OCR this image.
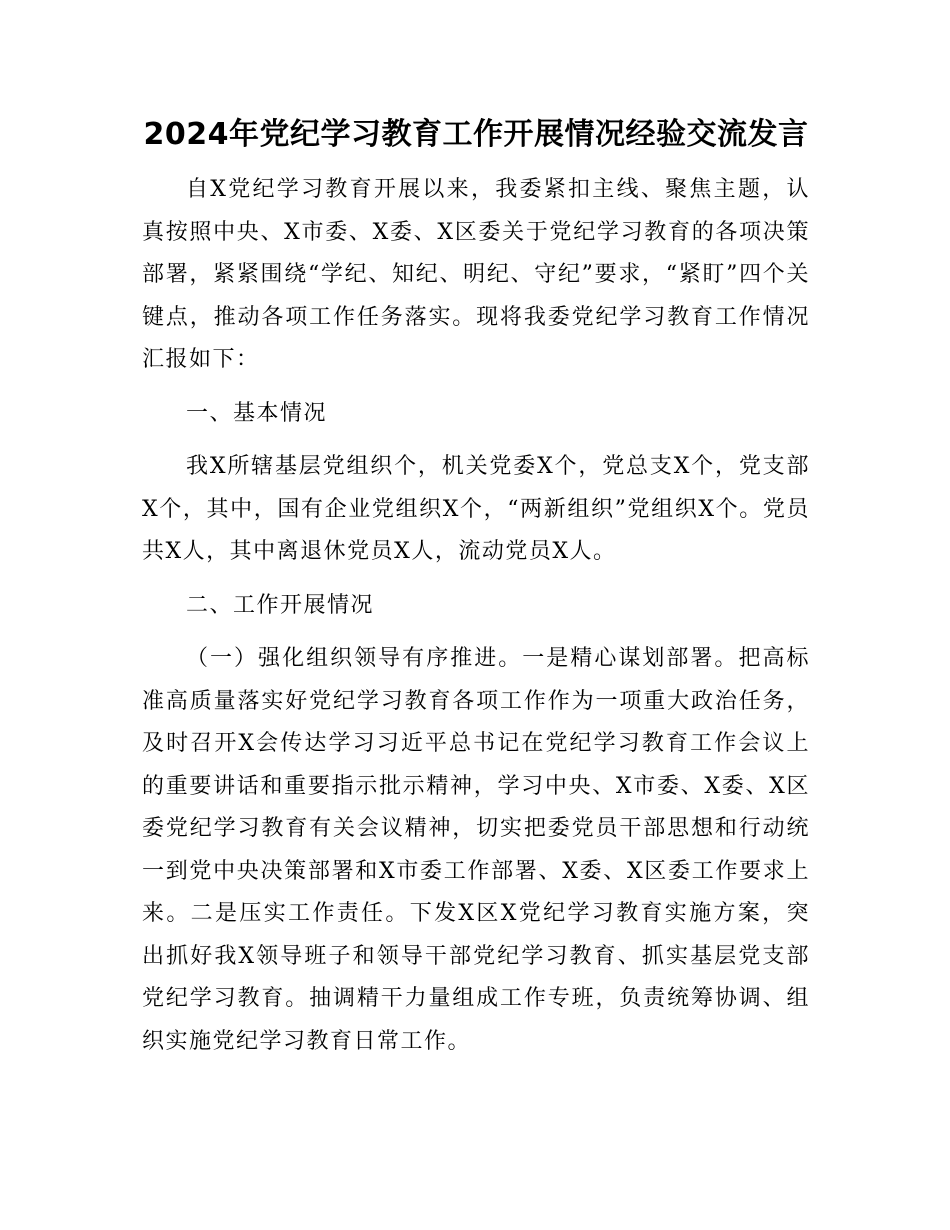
2024年党纪学习教育工作开展情况经验交流发言

自X党纪学习教育开展以来，我委紧扣主线、聚焦主题，认真按照中央、X市委、X委、X区委关于党纪学习教育的各项决策部署，紧紧围绕“学纪、知纪、明纪、守纪”要求，“紧盯”四个关键点，推动各项工作任务落实。现将我委党纪学习教育工作情况汇报如下：

一、基本情况

我X所辖基层党组织个，机关党委X个，党总支X个，党支部X个，其中，国有企业党组织X个，“两新组织”党组织X个。党员共X人，其中离退休党员X人，流动党员X人。

二、工作开展情况

（一）强化组织领导有序推进。一是精心谋划部署。把高标准高质量落实好党纪学习教育各项工作作为一项重大政治任务，及时召开X会传达学习习近平总书记在党纪学习教育工作会议上的重要讲话和重要指示批示精神，学习中央、X市委、X委、X区委党纪学习教育有关会议精神，切实把委党员干部思想和行动统一到党中央决策部署和X市委工作部署、X委、X区委工作要求上来。二是压实工作责任。下发X区X党纪学习教育实施方案，突出抓好我X领导班子和领导干部党纪学习教育、抓实基层党支部党纪学习教育。抽调精干力量组成工作专班，负责统筹协调、组织实施党纪学习教育日常工作。
